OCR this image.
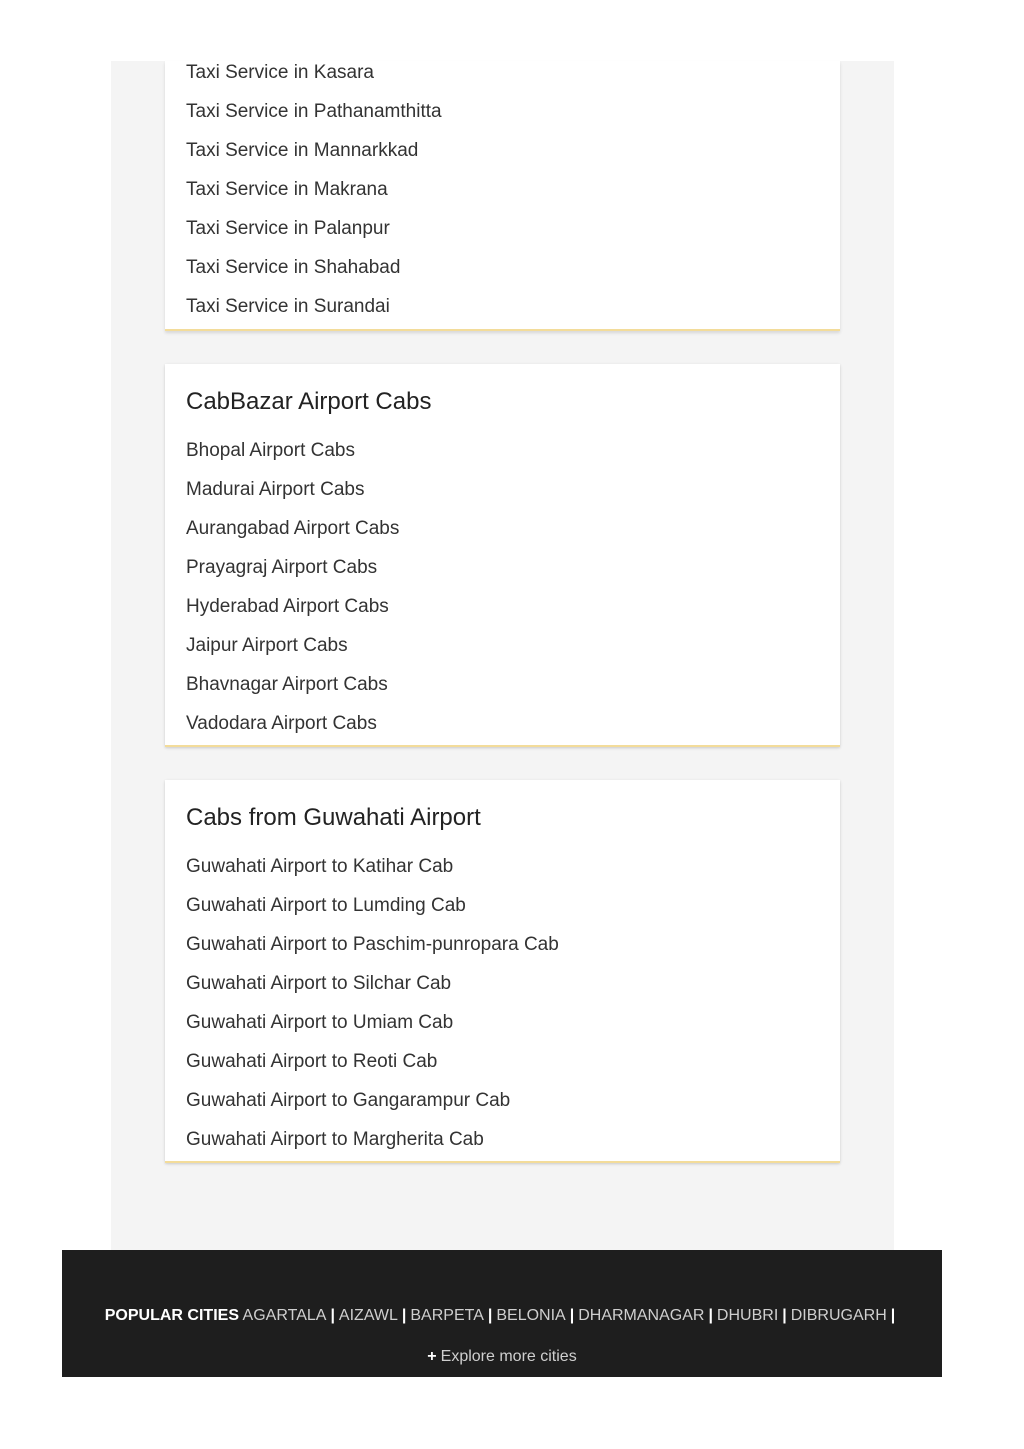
Taxi Service in Kasara
Taxi Service in Pathanamthitta
Taxi Service in Mannarkkad
Taxi Service in Makrana
Taxi Service in Palanpur
Taxi Service in Shahabad
Taxi Service in Surandai
CabBazar Airport Cabs
Bhopal Airport Cabs
Madurai Airport Cabs
Aurangabad Airport Cabs
Prayagraj Airport Cabs
Hyderabad Airport Cabs
Jaipur Airport Cabs
Bhavnagar Airport Cabs
Vadodara Airport Cabs
Cabs from Guwahati Airport
Guwahati Airport to Katihar Cab
Guwahati Airport to Lumding Cab
Guwahati Airport to Paschim-punropara Cab
Guwahati Airport to Silchar Cab
Guwahati Airport to Umiam Cab
Guwahati Airport to Reoti Cab
Guwahati Airport to Gangarampur Cab
Guwahati Airport to Margherita Cab
POPULAR CITIES AGARTALA | AIZAWL | BARPETA | BELONIA | DHARMANAGAR | DHUBRI | DIBRUGARH |
+ Explore more cities
